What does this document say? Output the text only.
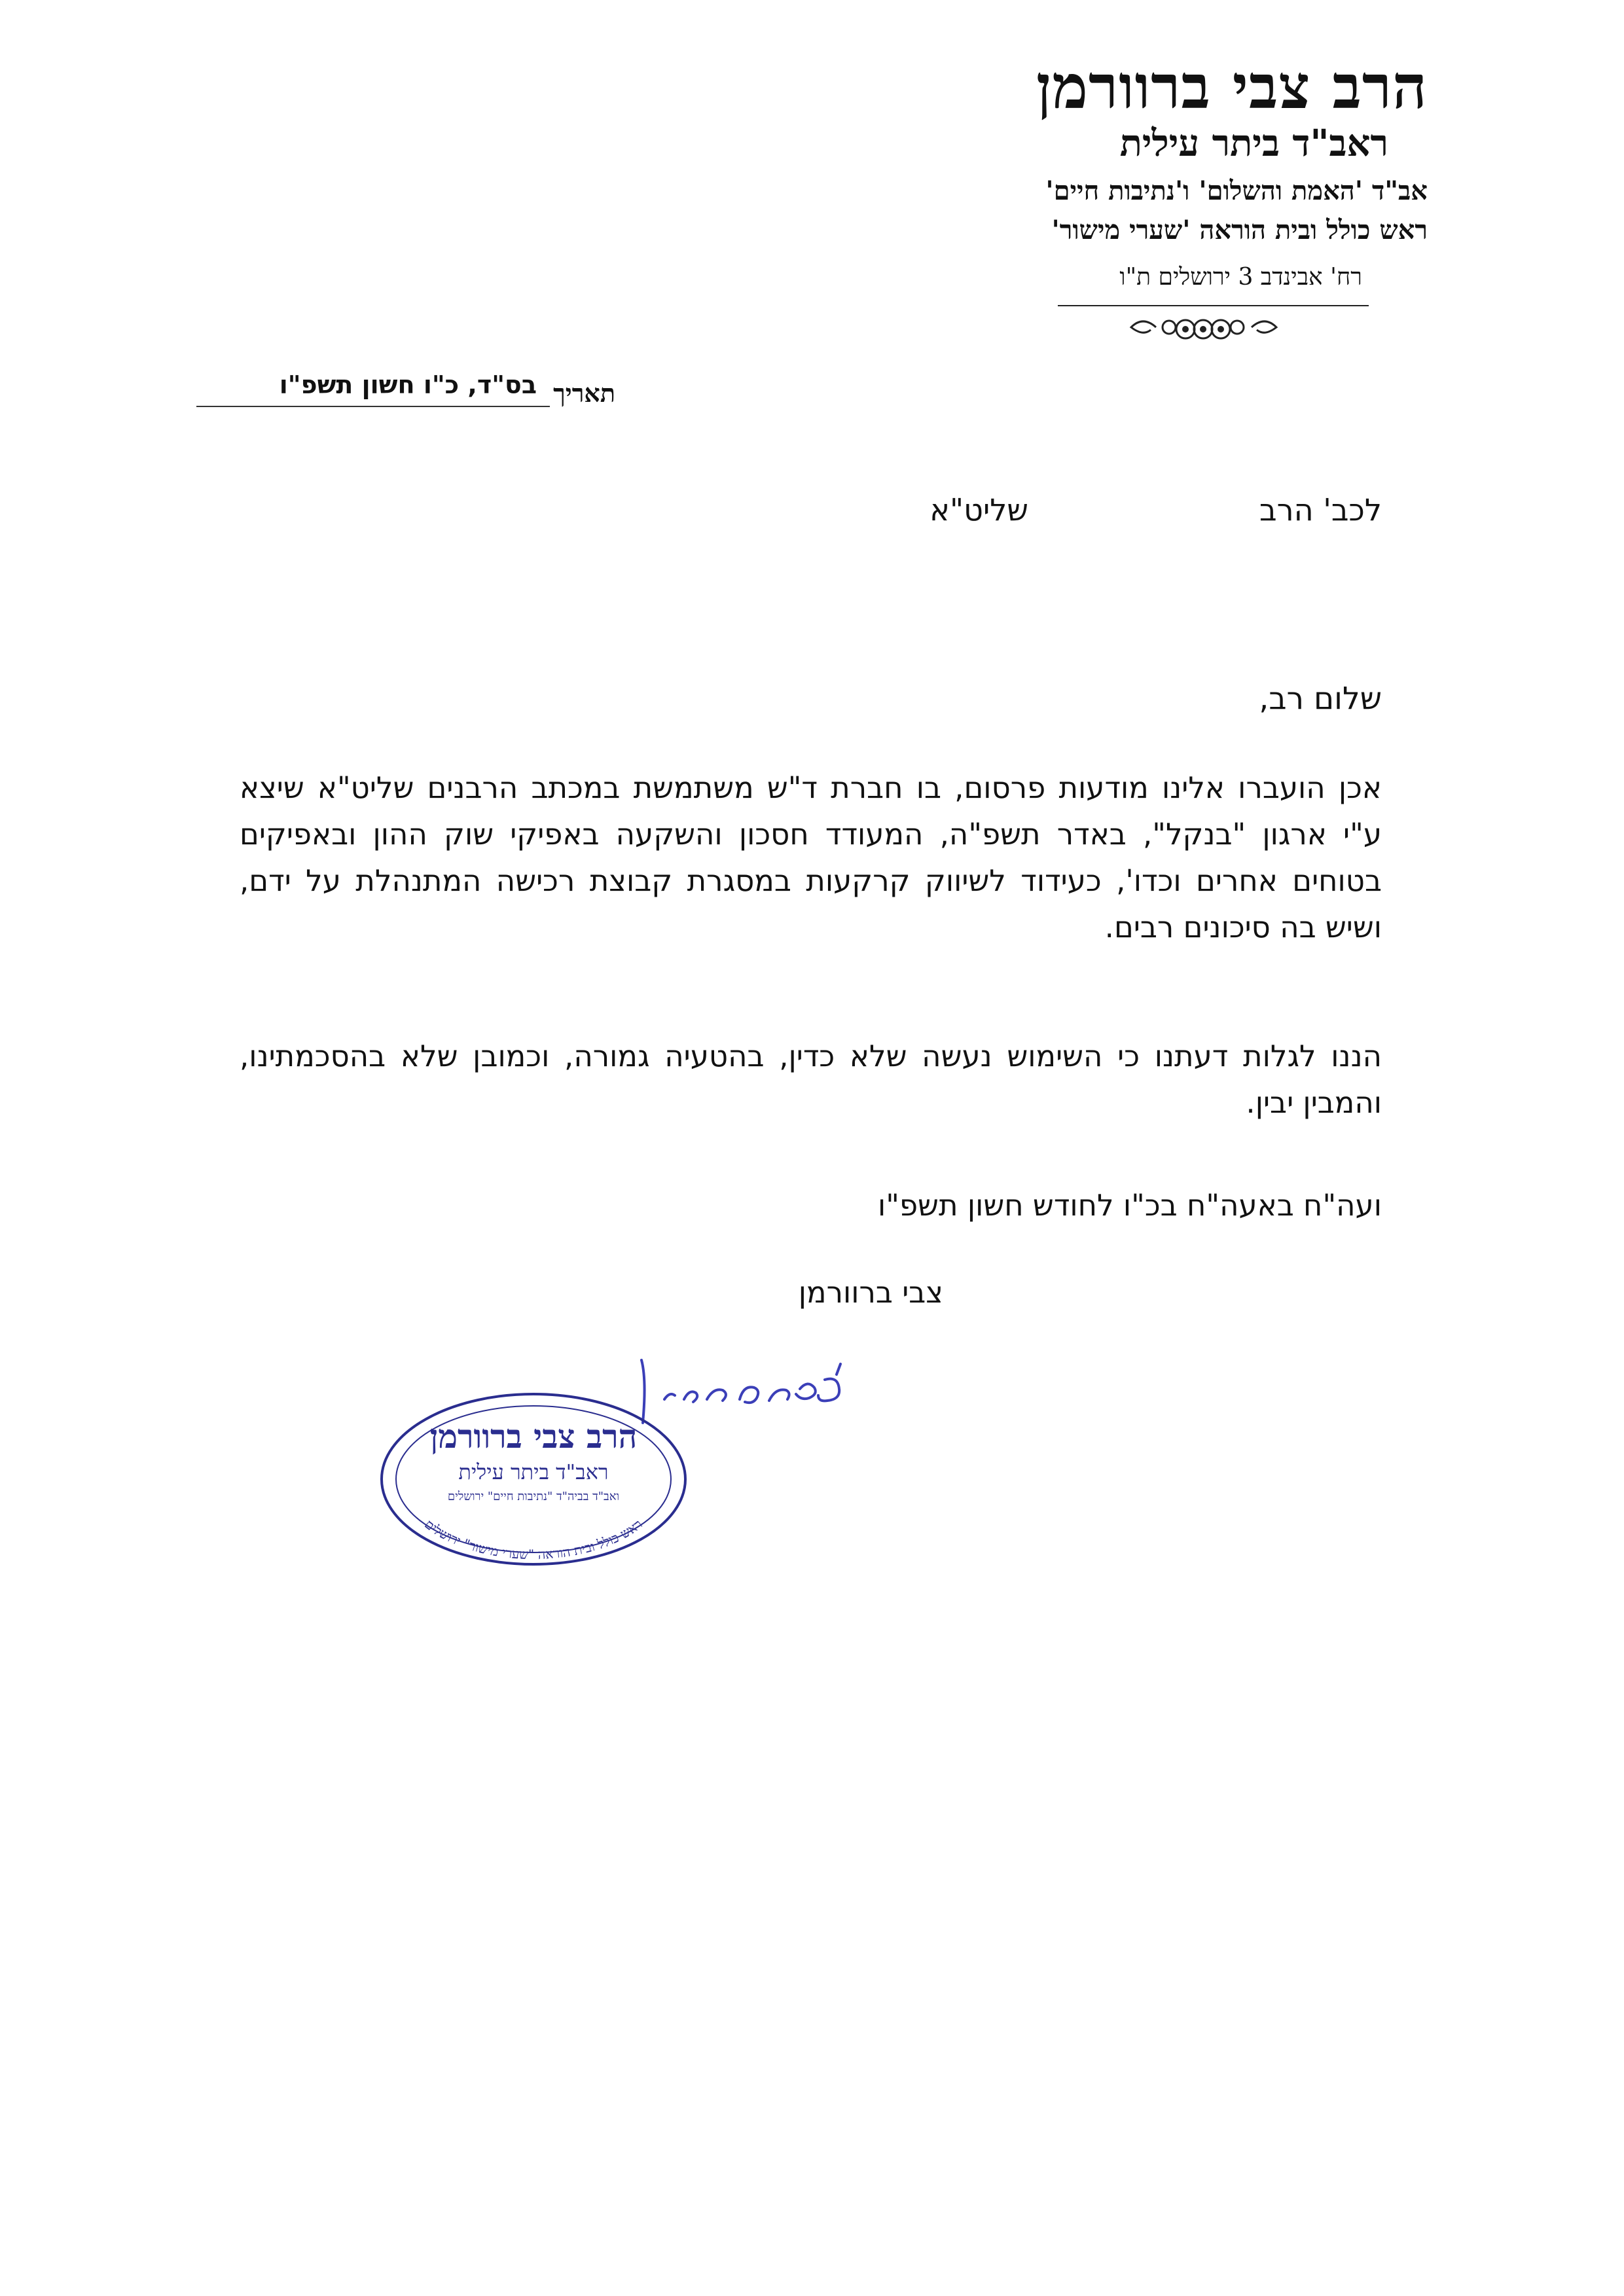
הרב צבי ברוורמן
ראב"ד ביתר עילית
אב"ד 'האמת והשלום' ו'נתיבות חיים'
ראש כולל ובית הוראה 'שערי מישור'
רח' אבינדב 3 ירושלים ת"ו
תאריך
בס"ד, כ"ו חשון תשפ"ו
לכב' הרב
שליט"א
שלום רב,

אכן הועברו אלינו מודעות פרסום, בו חברת ד"ש משתמשת במכתב הרבנים שליט"א שיצא ע"י ארגון "בנקל", באדר תשפ"ה, המעודד חסכון והשקעה באפיקי שוק ההון ובאפיקים בטוחים אחרים וכדו', כעידוד לשיווק קרקעות במסגרת קבוצת רכישה המתנהלת על ידם, ושיש בה סיכונים רבים.

הננו לגלות דעתנו כי השימוש נעשה שלא כדין, בהטעיה גמורה, וכמובן שלא בהסכמתינו, והמבין יבין.

ועה"ח באעה"ח בכ"ו לחודש חשון תשפ"ו
צבי ברוורמן
הרב צבי ברוורמן
ראב"ד ביתר עילית
ואב"ד בביה"ד "נתיבות חיים" ירושלים
ראש כולל ובית הוראה "שערי מישור" ירושלים
